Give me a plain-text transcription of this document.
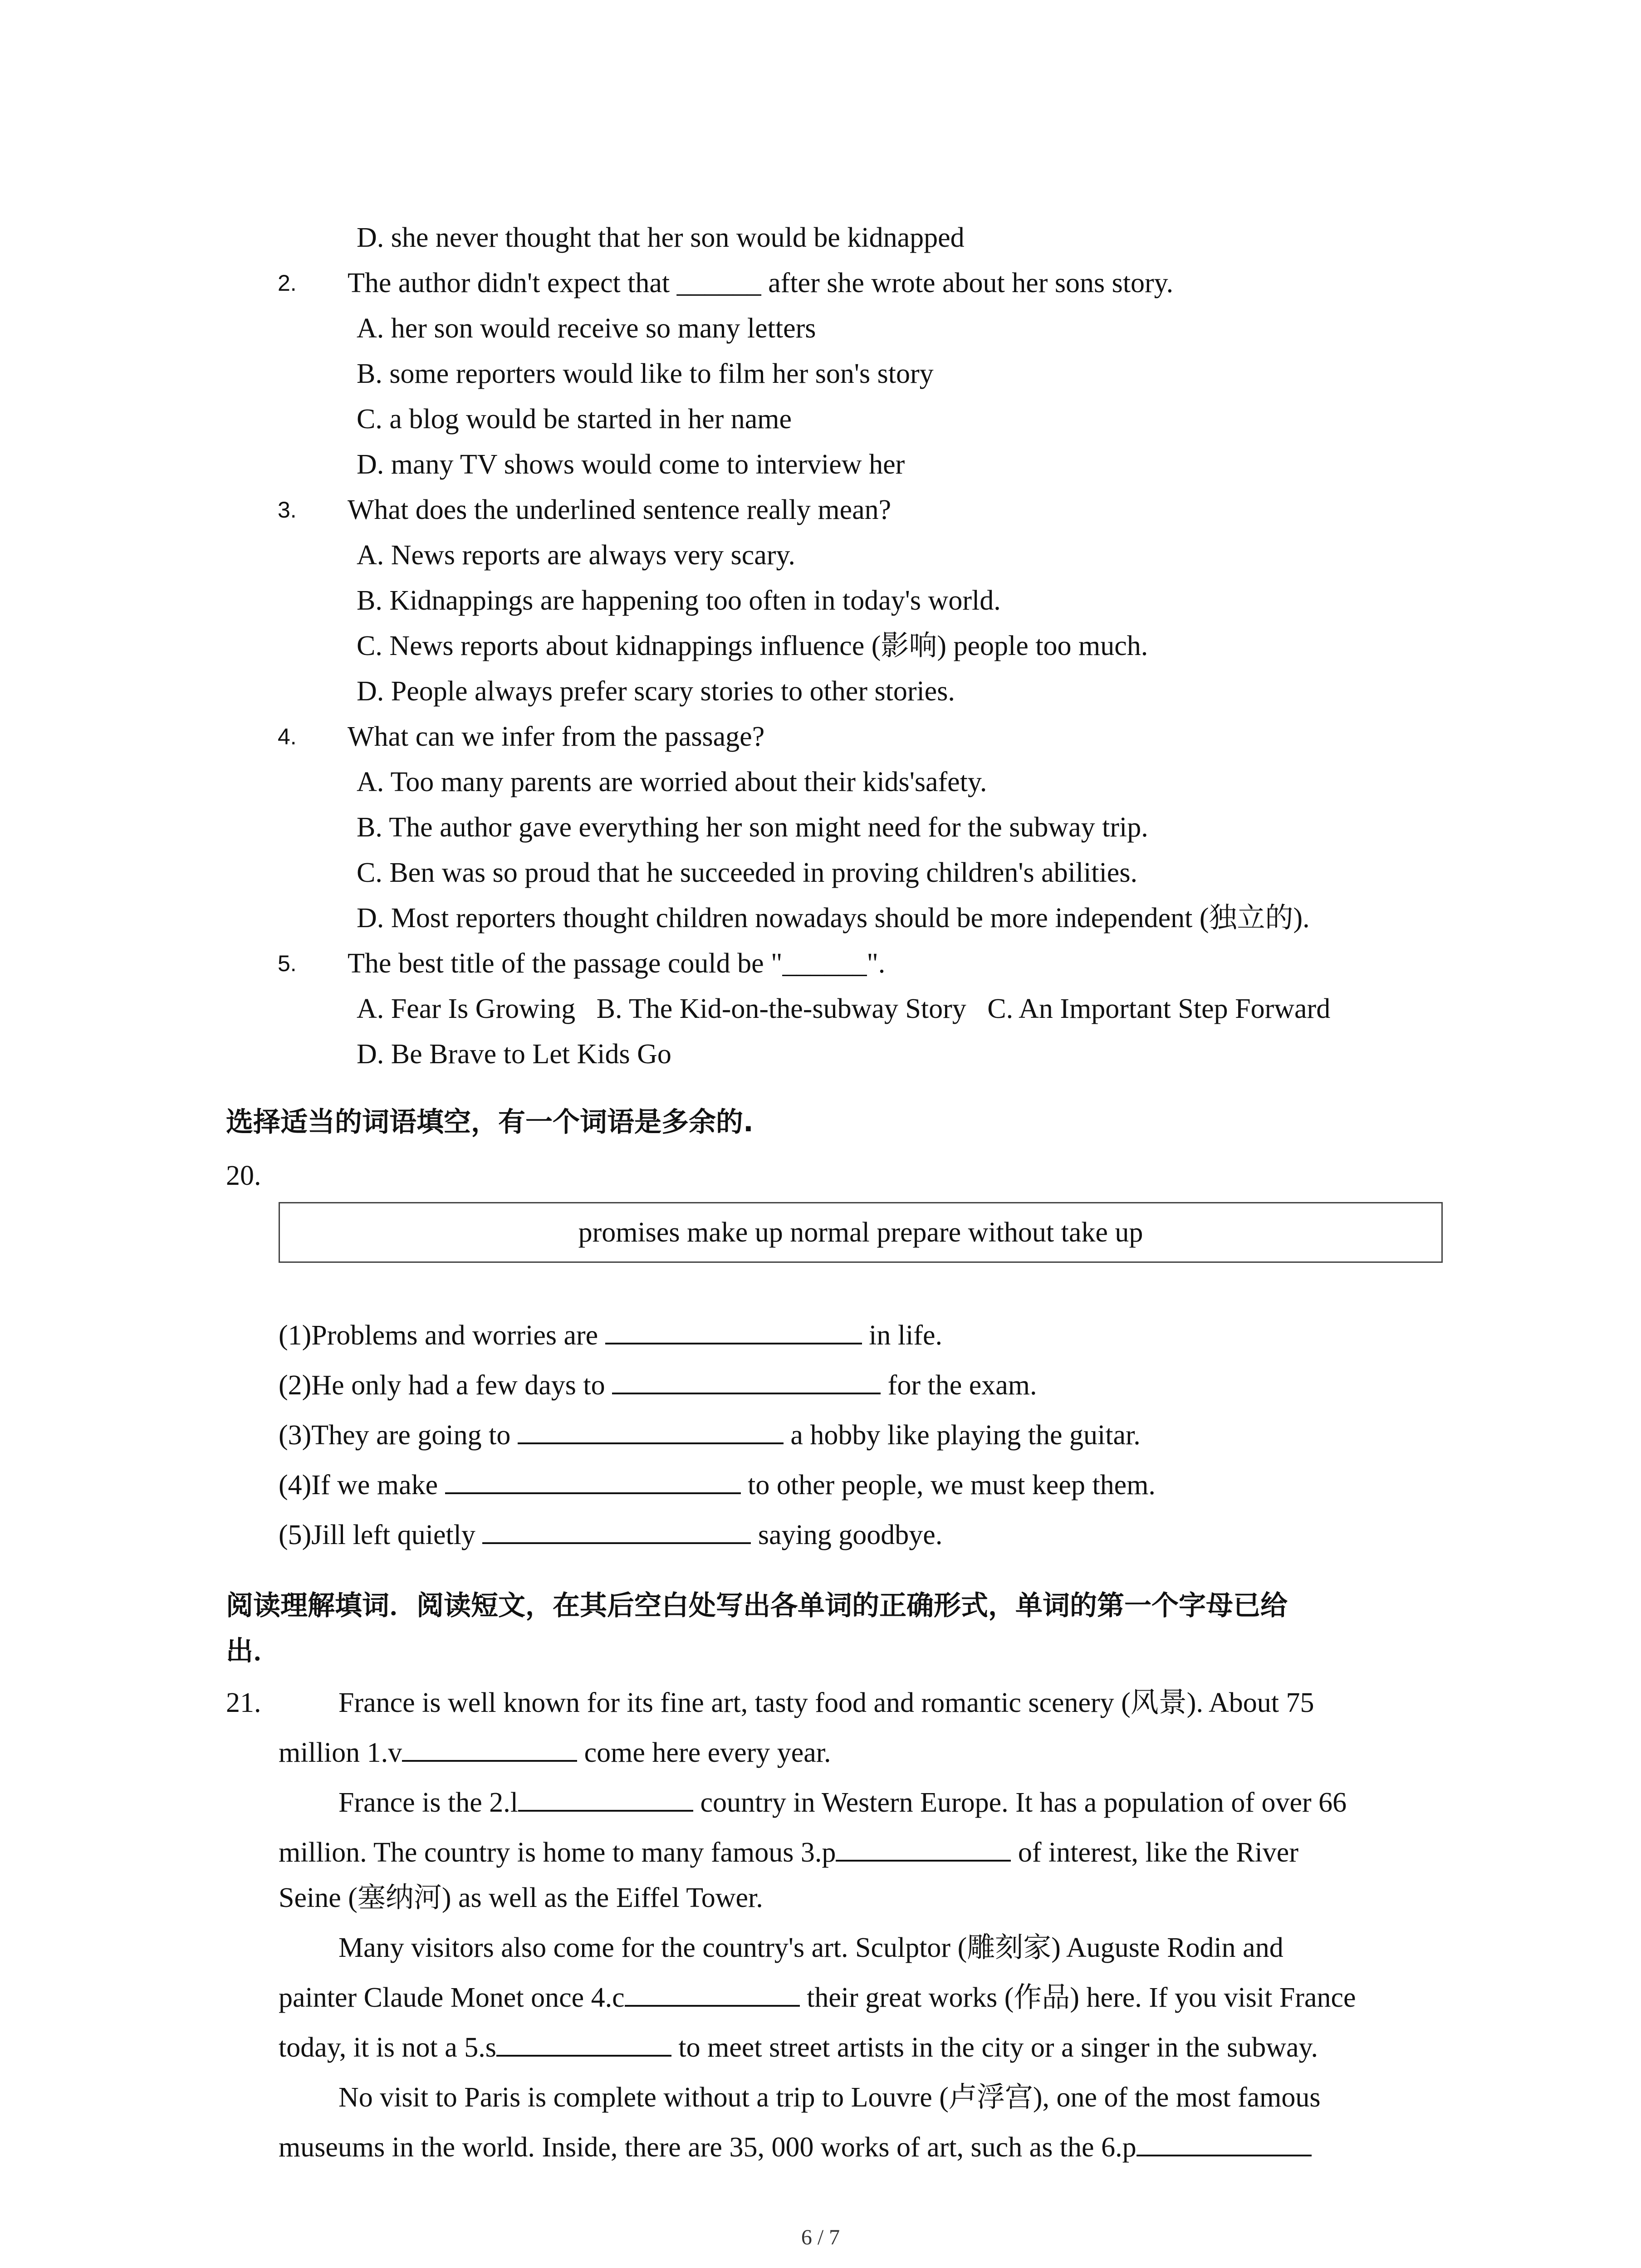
D. she never thought that her son would be kidnapped
2. The author didn't expect that ______ after she wrote about her sons story.
A. her son would receive so many letters
B. some reporters would like to film her son's story
C. a blog would be started in her name
D. many TV shows would come to interview her
3. What does the underlined sentence really mean?
A. News reports are always very scary.
B. Kidnappings are happening too often in today's world.
C. News reports about kidnappings influence (影响) people too much.
D. People always prefer scary stories to other stories.
4. What can we infer from the passage?
A. Too many parents are worried about their kids'safety.
B. The author gave everything her son might need for the subway trip.
C. Ben was so proud that he succeeded in proving children's abilities.
D. Most reporters thought children nowadays should be more independent (独立的).
5. The best title of the passage could be "______".
A. Fear Is Growing   B. The Kid-on-the-subway Story   C. An Important Step Forward
D. Be Brave to Let Kids Go
选择适当的词语填空，有一个词语是多余的.
20.
promises make up normal prepare without take up
(1)Problems and worries are	in life.
(2)He only had a few days to	for the exam.
(3)They are going to	a hobby like playing the guitar.
(4)If we make	to other people, we must keep them.
(5)Jill left quietly	saying goodbye.
阅读理解填词．阅读短文，在其后空白处写出各单词的正确形式，单词的第一个字母已给
出．
21.	France is well known for its fine art, tasty food and romantic scenery (风景). About 75
million 1.v	come here every year.
France is the 2.l	country in Western Europe. It has a population of over 66
million. The country is home to many famous 3.p	of interest, like the River
Seine (塞纳河) as well as the Eiffel Tower.
Many visitors also come for the country's art. Sculptor (雕刻家) Auguste Rodin and
painter Claude Monet once 4.c	their great works (作品) here. If you visit France
today, it is not a 5.s	to meet street artists in the city or a singer in the subway.
No visit to Paris is complete without a trip to Louvre (卢浮宫), one of the most famous
museums in the world. Inside, there are 35, 000 works of art, such as the 6.p
6 / 7
